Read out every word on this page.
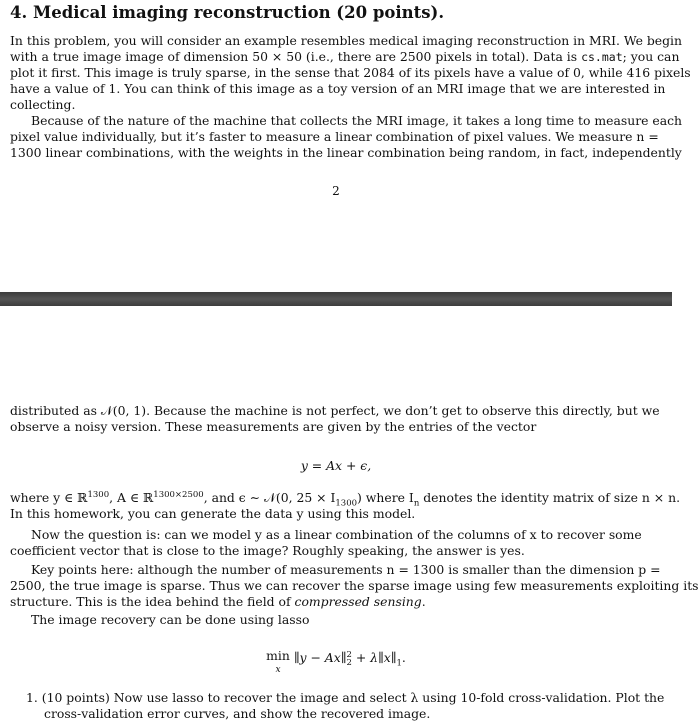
4. Medical imaging reconstruction (20 points).
In this problem, you will consider an example resembles medical imaging reconstruction in MRI. We begin
with a true image image of dimension 50 × 50 (i.e., there are 2500 pixels in total). Data is cs.mat; you can
plot it first. This image is truly sparse, in the sense that 2084 of its pixels have a value of 0, while 416 pixels
have a value of 1. You can think of this image as a toy version of an MRI image that we are interested in
collecting.
Because of the nature of the machine that collects the MRI image, it takes a long time to measure each
pixel value individually, but it’s faster to measure a linear combination of pixel values. We measure n =
1300 linear combinations, with the weights in the linear combination being random, in fact, independently
2
distributed as 𝒩(0, 1). Because the machine is not perfect, we don’t get to observe this directly, but we
observe a noisy version. These measurements are given by the entries of the vector
y = Ax + ϵ,
where y ∈ ℝ$^{1300}$, A ∈ ℝ$^{1300\times 2500}$, and ϵ ∼ 𝒩(0, $25 \times I_{1300}$) where $I_n$ denotes the identity matrix of size n × n.
In this homework, you can generate the data y using this model.
Now the question is: can we model y as a linear combination of the columns of x to recover some
coefficient vector that is close to the image? Roughly speaking, the answer is yes.
Key points here: although the number of measurements n = 1300 is smaller than the dimension p =
2500, the true image is sparse. Thus we can recover the sparse image using few measurements exploiting its
structure. This is the idea behind the field of compressed sensing.
The image recovery can be done using lasso
min
x ∥y − Ax∥2
$2 + \lambda\parallel x\parallel_1$.
1. (10 points) Now use lasso to recover the image and select λ using 10-fold cross-validation. Plot the
cross-validation error curves, and show the recovered image.
